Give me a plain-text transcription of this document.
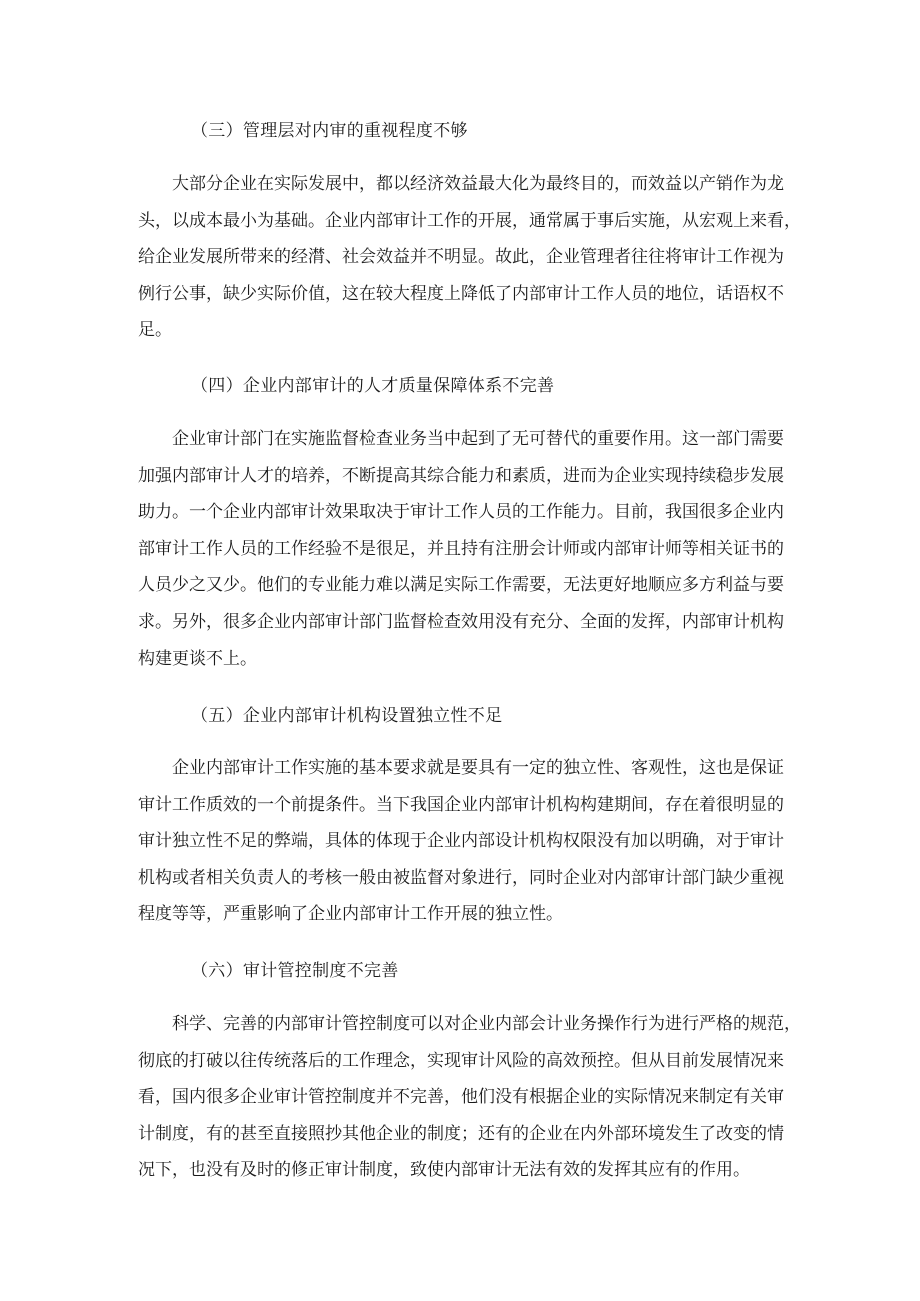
（三）管理层对内审的重视程度不够
大部分企业在实际发展中，都以经济效益最大化为最终目的，而效益以产销作为龙
头，以成本最小为基础。企业内部审计工作的开展，通常属于事后实施，从宏观上来看，
给企业发展所带来的经潸、社会效益并不明显。故此，企业管理者往往将审计工作视为
例行公事，缺少实际价值，这在较大程度上降低了内部审计工作人员的地位，话语权不
足。
（四）企业内部审计的人才质量保障体系不完善
企业审计部门在实施监督检查业务当中起到了无可替代的重要作用。这一部门需要
加强内部审计人才的培养，不断提高其综合能力和素质，进而为企业实现持续稳步发展
助力。一个企业内部审计效果取决于审计工作人员的工作能力。目前，我国很多企业内
部审计工作人员的工作经验不是很足，并且持有注册会计师或内部审计师等相关证书的
人员少之又少。他们的专业能力难以满足实际工作需要，无法更好地顺应多方利益与要
求。另外，很多企业内部审计部门监督检查效用没有充分、全面的发挥，内部审计机构
构建更谈不上。
（五）企业内部审计机构设置独立性不足
企业内部审计工作实施的基本要求就是要具有一定的独立性、客观性，这也是保证
审计工作质效的一个前提条件。当下我国企业内部审计机构构建期间，存在着很明显的
审计独立性不足的弊端，具体的体现于企业内部设计机构权限没有加以明确，对于审计
机构或者相关负责人的考核一般由被监督对象进行，同时企业对内部审计部门缺少重视
程度等等，严重影响了企业内部审计工作开展的独立性。
（六）审计管控制度不完善
科学、完善的内部审计管控制度可以对企业内部会计业务操作行为进行严格的规范，
彻底的打破以往传统落后的工作理念，实现审计风险的高效预控。但从目前发展情况来
看，国内很多企业审计管控制度并不完善，他们没有根据企业的实际情况来制定有关审
计制度，有的甚至直接照抄其他企业的制度；还有的企业在内外部环境发生了改变的情
况下，也没有及时的修正审计制度，致使内部审计无法有效的发挥其应有的作用。
